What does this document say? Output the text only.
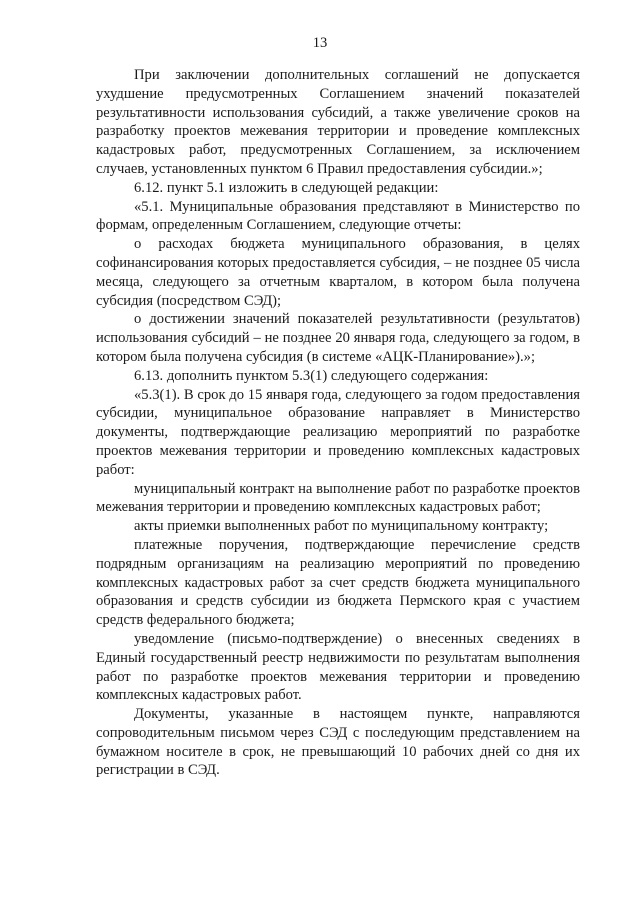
13

При заключении дополнительных соглашений не допускается ухудшение предусмотренных Соглашением значений показателей результативности использования субсидий, а также увеличение сроков на разработку проектов межевания территории и проведение комплексных кадастровых работ, предусмотренных Соглашением, за исключением случаев, установленных пунктом 6 Правил предоставления субсидии.»;

6.12. пункт 5.1 изложить в следующей редакции:

«5.1. Муниципальные образования представляют в Министерство по формам, определенным Соглашением, следующие отчеты:

о расходах бюджета муниципального образования, в целях софинансирования которых предоставляется субсидия, – не позднее 05 числа месяца, следующего за отчетным кварталом, в котором была получена субсидия (посредством СЭД);

о достижении значений показателей результативности (результатов) использования субсидий – не позднее 20 января года, следующего за годом, в котором была получена субсидия (в системе «АЦК-Планирование»).»;

6.13. дополнить пунктом 5.3(1) следующего содержания:

«5.3(1). В срок до 15 января года, следующего за годом предоставления субсидии, муниципальное образование направляет в Министерство документы, подтверждающие реализацию мероприятий по разработке проектов межевания территории и проведению комплексных кадастровых работ:

муниципальный контракт на выполнение работ по разработке проектов межевания территории и проведению комплексных кадастровых работ;

акты приемки выполненных работ по муниципальному контракту;

платежные поручения, подтверждающие перечисление средств подрядным организациям на реализацию мероприятий по проведению комплексных кадастровых работ за счет средств бюджета муниципального образования и средств субсидии из бюджета Пермского края с участием средств федерального бюджета;

уведомление (письмо-подтверждение) о внесенных сведениях в Единый государственный реестр недвижимости по результатам выполнения работ по разработке проектов межевания территории и проведению комплексных кадастровых работ.

Документы, указанные в настоящем пункте, направляются сопроводительным письмом через СЭД с последующим представлением на бумажном носителе в срок, не превышающий 10 рабочих дней со дня их регистрации в СЭД.
